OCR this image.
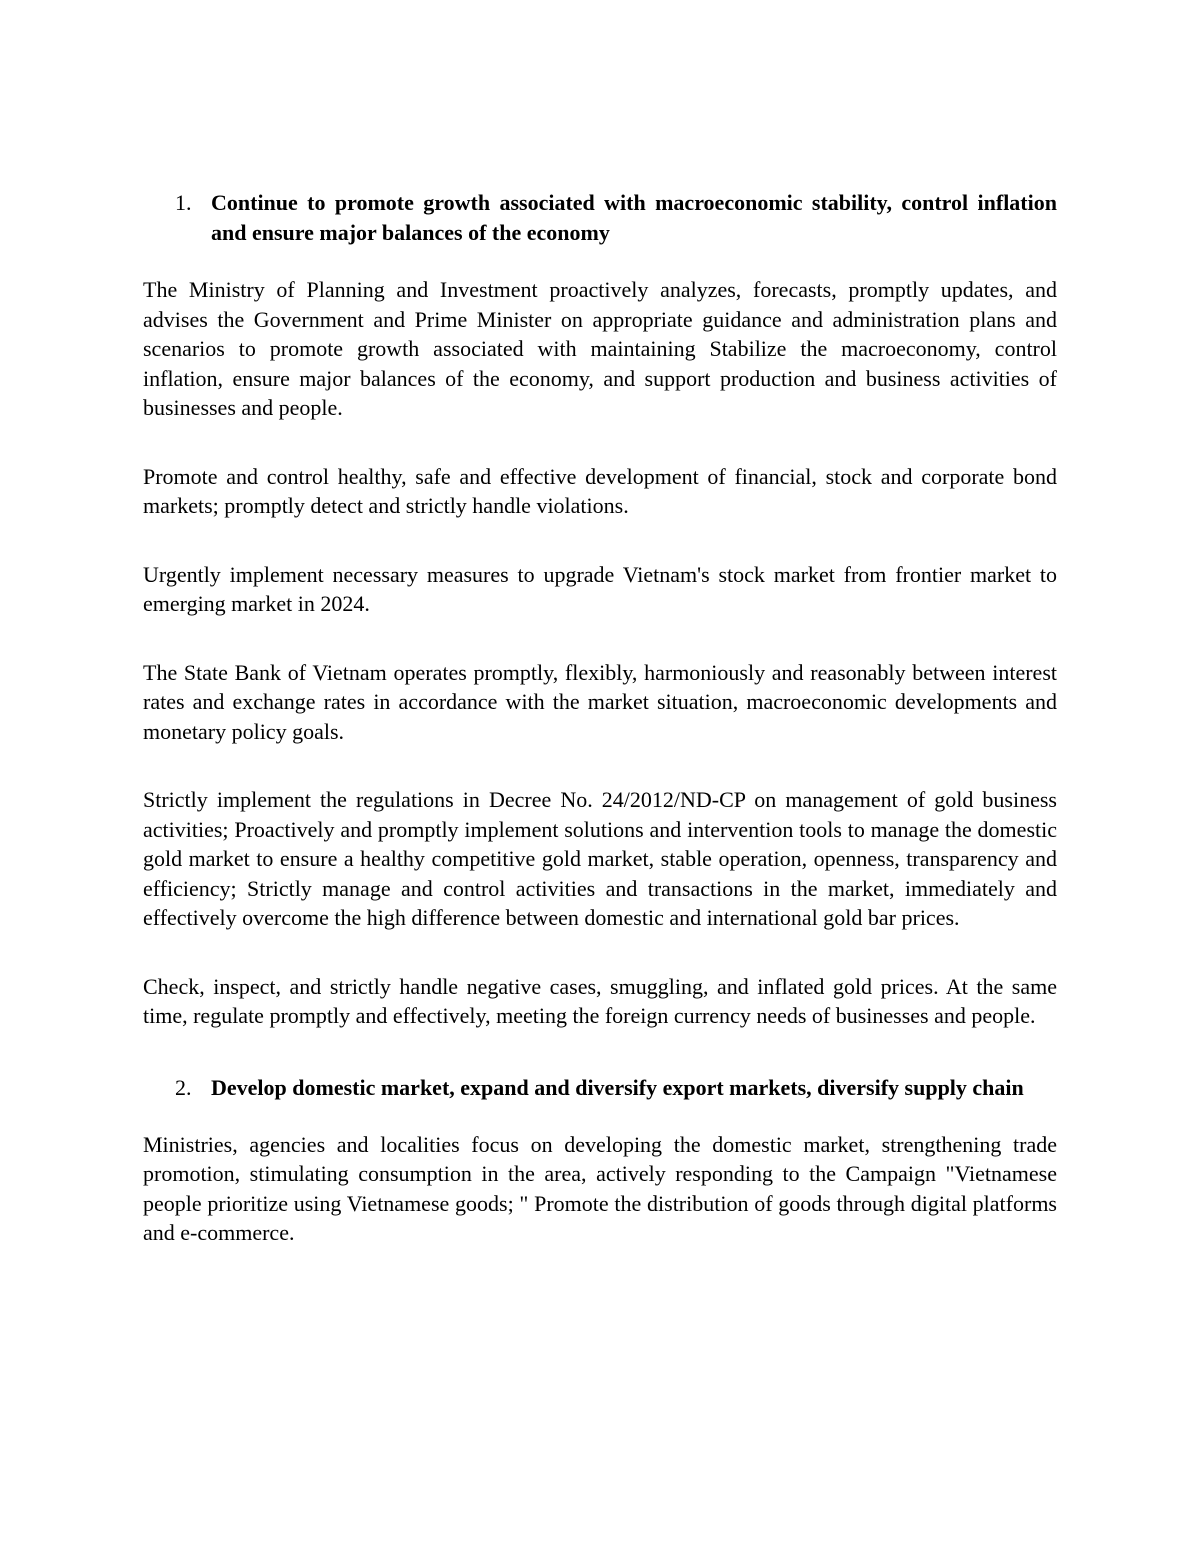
1. Continue to promote growth associated with macroeconomic stability, control inflation and ensure major balances of the economy

The Ministry of Planning and Investment proactively analyzes, forecasts, promptly updates, and advises the Government and Prime Minister on appropriate guidance and administration plans and scenarios to promote growth associated with maintaining Stabilize the macroeconomy, control inflation, ensure major balances of the economy, and support production and business activities of businesses and people.

Promote and control healthy, safe and effective development of financial, stock and corporate bond markets; promptly detect and strictly handle violations.

Urgently implement necessary measures to upgrade Vietnam's stock market from frontier market to emerging market in 2024.

The State Bank of Vietnam operates promptly, flexibly, harmoniously and reasonably between interest rates and exchange rates in accordance with the market situation, macroeconomic developments and monetary policy goals.

Strictly implement the regulations in Decree No. 24/2012/ND-CP on management of gold business activities; Proactively and promptly implement solutions and intervention tools to manage the domestic gold market to ensure a healthy competitive gold market, stable operation, openness, transparency and efficiency; Strictly manage and control activities and transactions in the market, immediately and effectively overcome the high difference between domestic and international gold bar prices.

Check, inspect, and strictly handle negative cases, smuggling, and inflated gold prices. At the same time, regulate promptly and effectively, meeting the foreign currency needs of businesses and people.

2. Develop domestic market, expand and diversify export markets, diversify supply chain

Ministries, agencies and localities focus on developing the domestic market, strengthening trade promotion, stimulating consumption in the area, actively responding to the Campaign "Vietnamese people prioritize using Vietnamese goods; " Promote the distribution of goods through digital platforms and e-commerce.
